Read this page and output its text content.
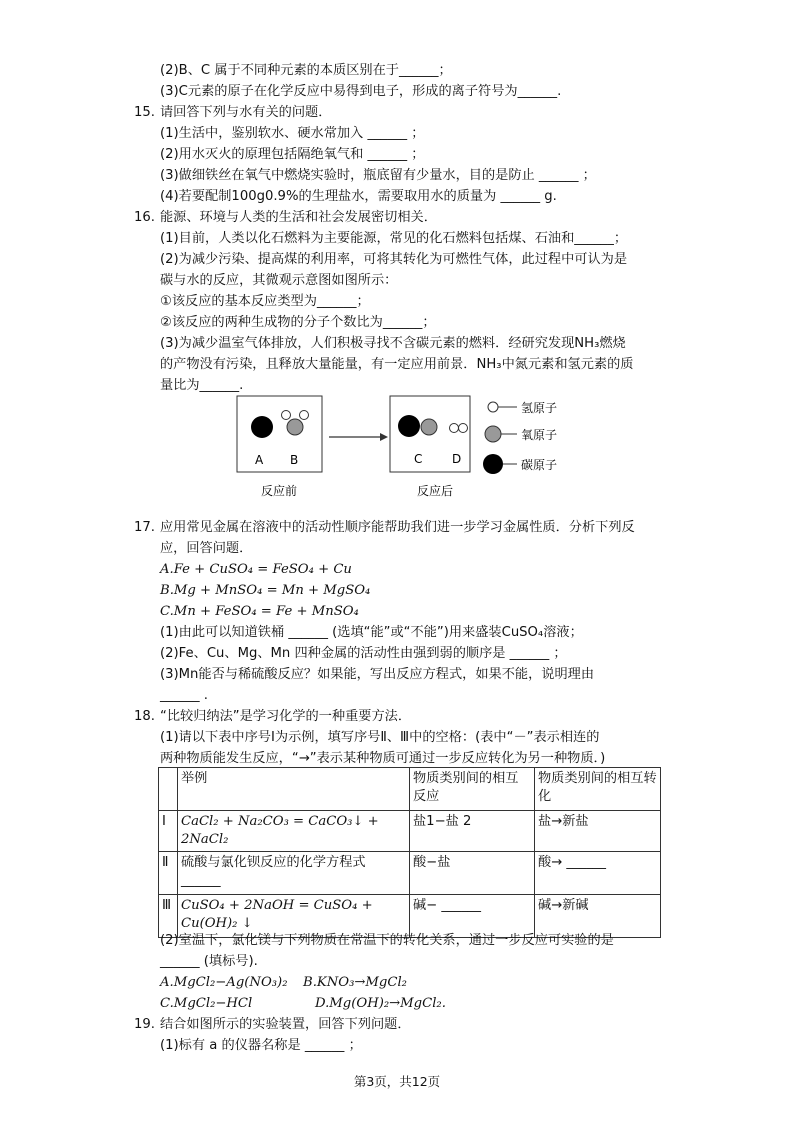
(2)B、C 属于不同种元素的本质区别在于______；
(3)C元素的原子在化学反应中易得到电子，形成的离子符号为______.
15. 请回答下列与水有关的问题．
(1)生活中，鉴别软水、硬水常加入 ______ ；
(2)用水灭火的原理包括隔绝氧气和 ______ ；
(3)做细铁丝在氧气中燃烧实验时，瓶底留有少量水，目的是防止 ______ ；
(4)若要配制100g0.9%的生理盐水，需要取用水的质量为 ______ g.
16. 能源、环境与人类的生活和社会发展密切相关．
(1)目前，人类以化石燃料为主要能源，常见的化石燃料包括煤、石油和______；
(2)为减少污染、提高煤的利用率，可将其转化为可燃性气体，此过程中可认为是
碳与水的反应，其微观示意图如图所示：
①该反应的基本反应类型为______；
②该反应的两种生成物的分子个数比为______；
(3)为减少温室气体排放，人们积极寻找不含碳元素的燃料．经研究发现NH₃燃烧
的产物没有污染，且释放大量能量，有一定应用前景．NH₃中氮元素和氢元素的质
量比为______.
A B	C D
反应前	反应后
氢原子
氧原子
碳原子
17. 应用常见金属在溶液中的活动性顺序能帮助我们进一步学习金属性质．分析下列反
应，回答问题．
A.Fe + CuSO₄ = FeSO₄ + Cu
B.Mg + MnSO₄ = Mn + MgSO₄
C.Mn + FeSO₄ = Fe + MnSO₄
(1)由此可以知道铁桶 ______ (选填“能”或“不能”)用来盛装CuSO₄溶液；
(2)Fe、Cu、Mg、Mn 四种金属的活动性由强到弱的顺序是 ______ ；
(3)Mn能否与稀硫酸反应？如果能，写出反应方程式，如果不能，说明理由
______ .
18. “比较归纳法”是学习化学的一种重要方法．
(1)请以下表中序号Ⅰ为示例，填写序号Ⅱ、Ⅲ中的空格：(表中“－”表示相连的
两种物质能发生反应，“→”表示某种物质可通过一步反应转化为另一种物质．)
	举例	物质类别间的相互反应	物质类别间的相互转化
Ⅰ	CaCl₂ + Na₂CO₃ = CaCO₃↓ + 2NaCl₂	盐1−盐 2	盐→新盐
Ⅱ	硫酸与氯化钡反应的化学方程式 ______	酸−盐	酸→ ______
Ⅲ	CuSO₄ + 2NaOH = CuSO₄ + Cu(OH)₂ ↓	碱− ______	碱→新碱
(2)室温下，氯化镁与下列物质在常温下的转化关系，通过一步反应可实验的是
______ (填标号).
A.MgCl₂−Ag(NO₃)₂ B.KNO₃→MgCl₂
C.MgCl₂−HCl	D.Mg(OH)₂→MgCl₂.
19. 结合如图所示的实验装置，回答下列问题．
(1)标有 a 的仪器名称是 ______ ；
第3页，共12页
